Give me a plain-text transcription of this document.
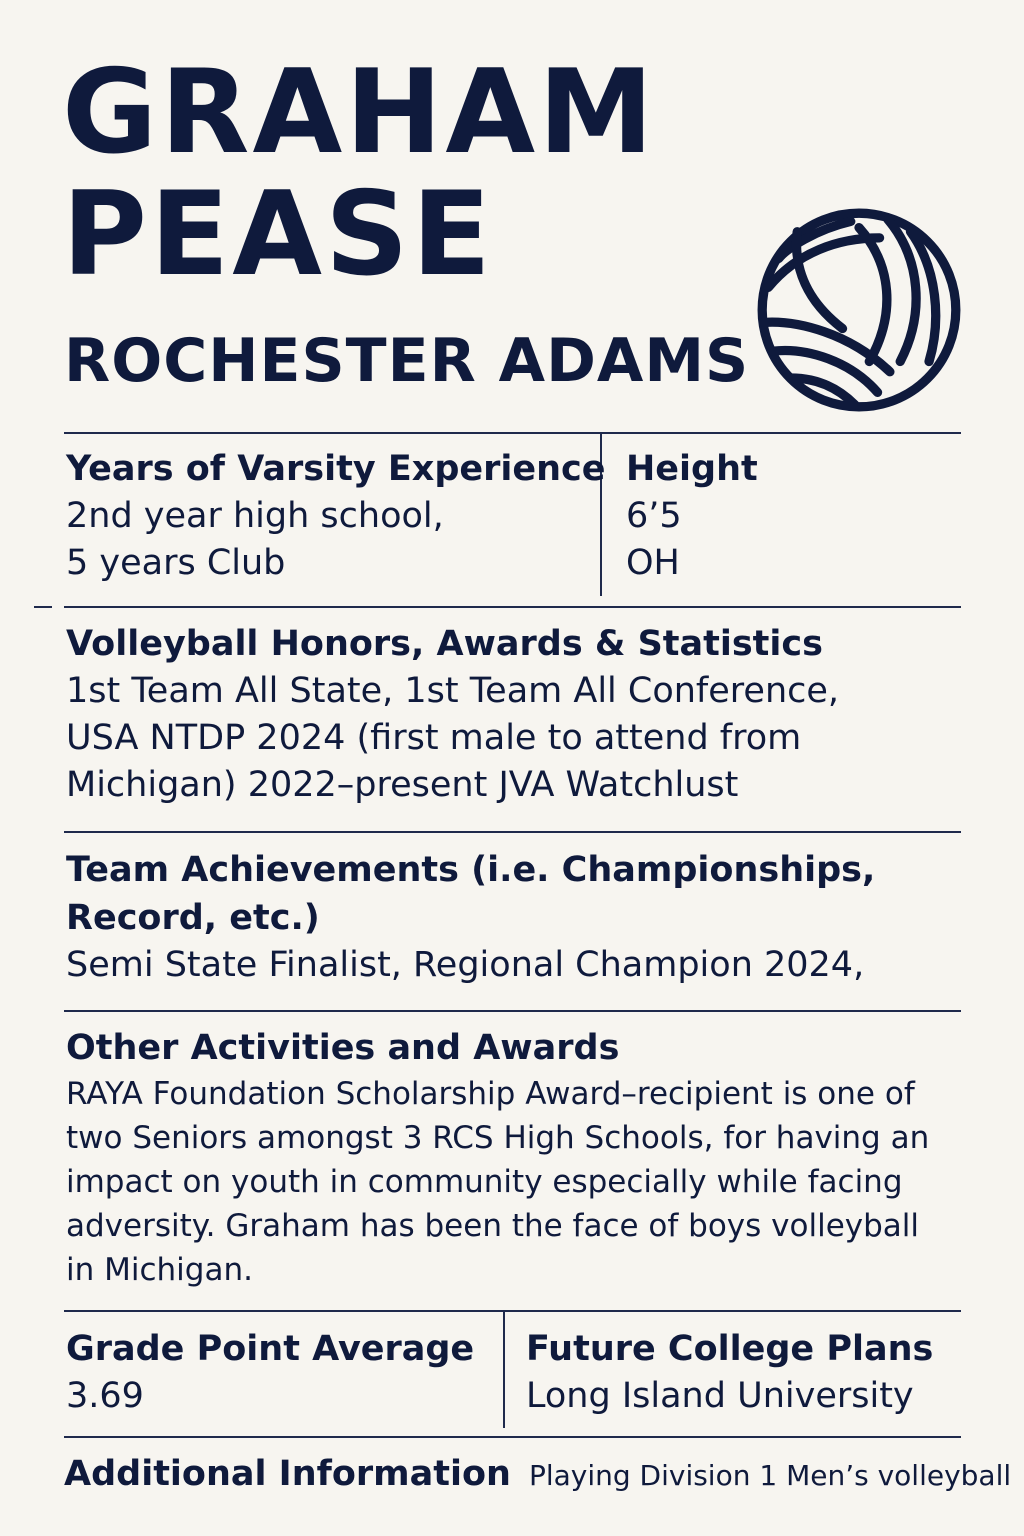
GRAHAM
PEASE
ROCHESTER ADAMS
Years of Varsity Experience
2nd year high school,
5 years Club
Height
6’5
OH
Volleyball Honors, Awards & Statistics
1st Team All State, 1st Team All Conference,
USA NTDP 2024 (first male to attend from
Michigan) 2022–present JVA Watchlust
Team Achievements (i.e. Championships,
Record, etc.)
Semi State Finalist, Regional Champion 2024,
Other Activities and Awards
RAYA Foundation Scholarship Award–recipient is one of
two Seniors amongst 3 RCS High Schools, for having an
impact on youth in community especially while facing
adversity. Graham has been the face of boys volleyball
in Michigan.
Grade Point Average
3.69
Future College Plans
Long Island University
Additional Information Playing Division 1 Men’s volleyball
